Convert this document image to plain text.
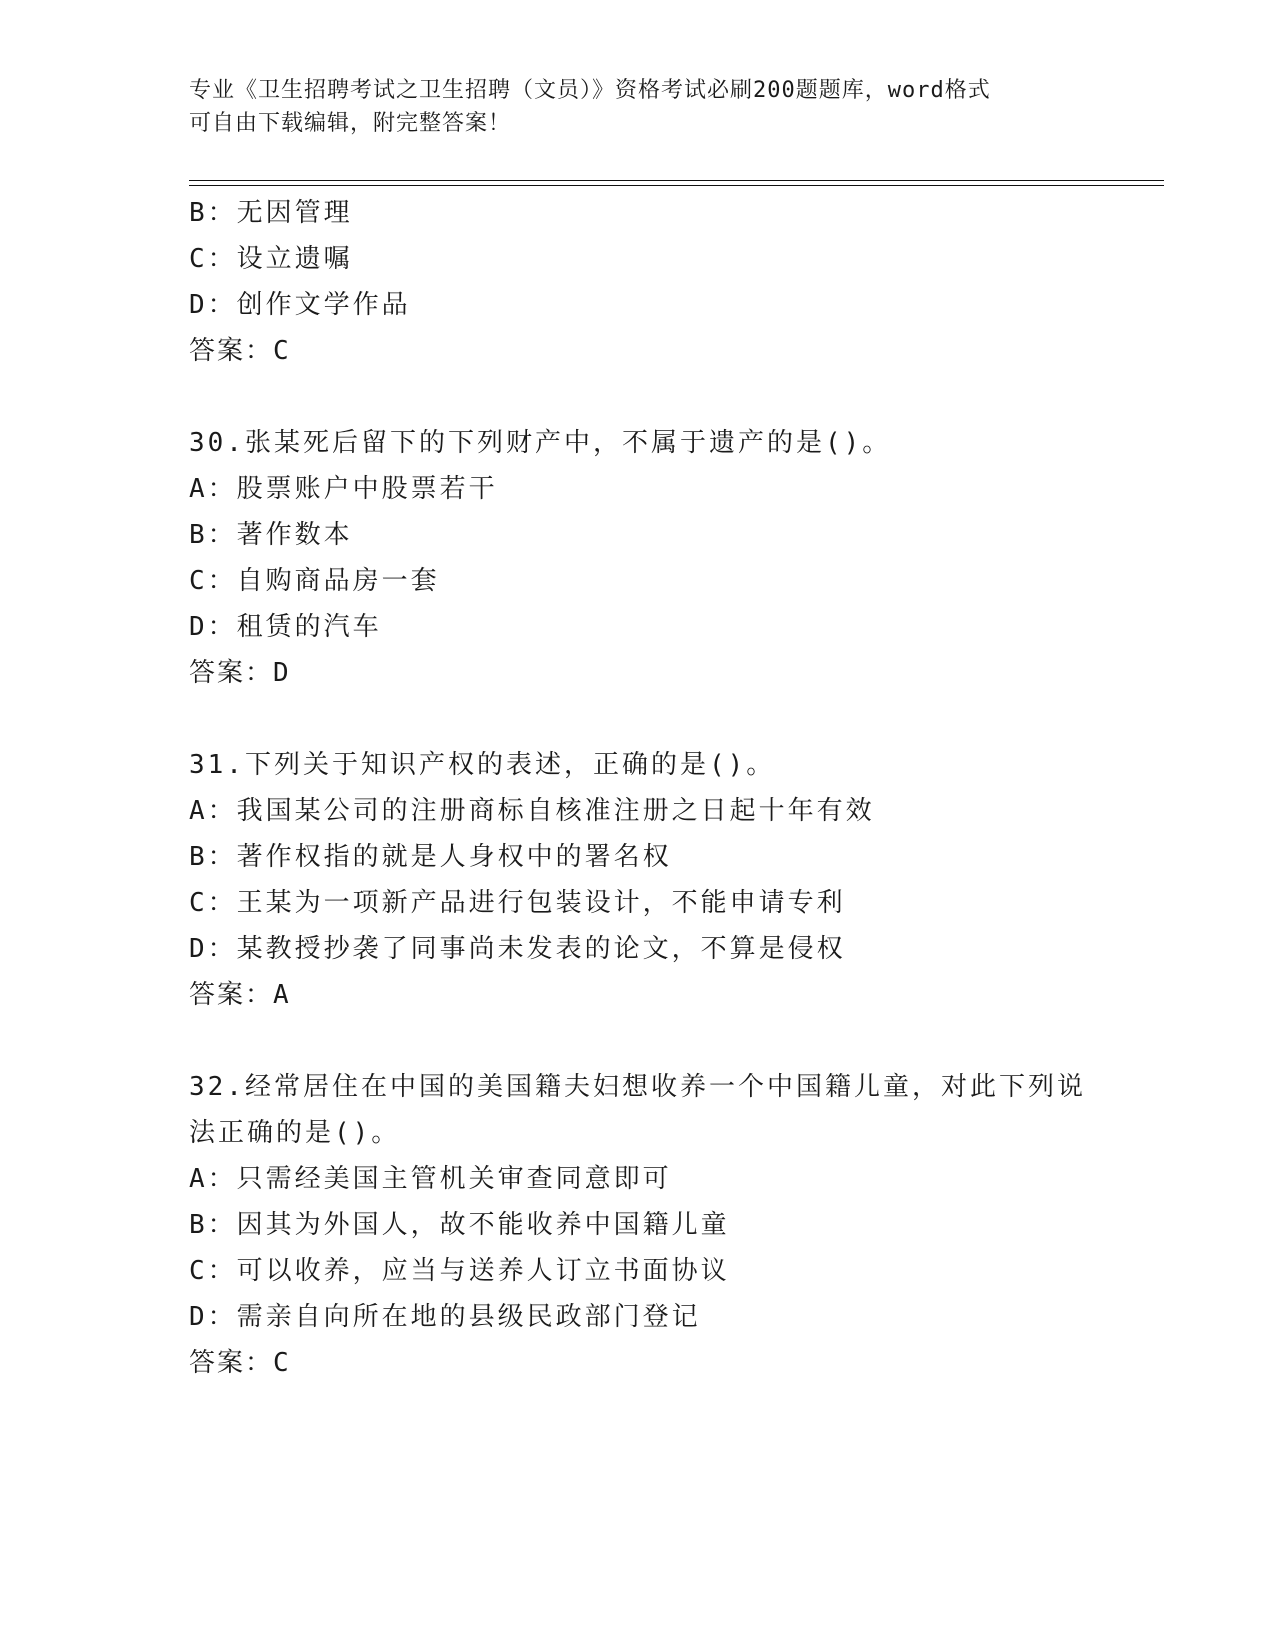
专业《卫生招聘考试之卫生招聘（文员）》资格考试必刷200题题库，word格式
可自由下载编辑，附完整答案！
B：无因管理
C：设立遗嘱
D：创作文学作品
答案：C
30.张某死后留下的下列财产中，不属于遗产的是()。
A：股票账户中股票若干
B：著作数本
C：自购商品房一套
D：租赁的汽车
答案：D
31.下列关于知识产权的表述，正确的是()。
A：我国某公司的注册商标自核准注册之日起十年有效
B：著作权指的就是人身权中的署名权
C：王某为一项新产品进行包装设计，不能申请专利
D：某教授抄袭了同事尚未发表的论文，不算是侵权
答案：A
32.经常居住在中国的美国籍夫妇想收养一个中国籍儿童，对此下列说
法正确的是()。
A：只需经美国主管机关审查同意即可
B：因其为外国人，故不能收养中国籍儿童
C：可以收养，应当与送养人订立书面协议
D：需亲自向所在地的县级民政部门登记
答案：C
